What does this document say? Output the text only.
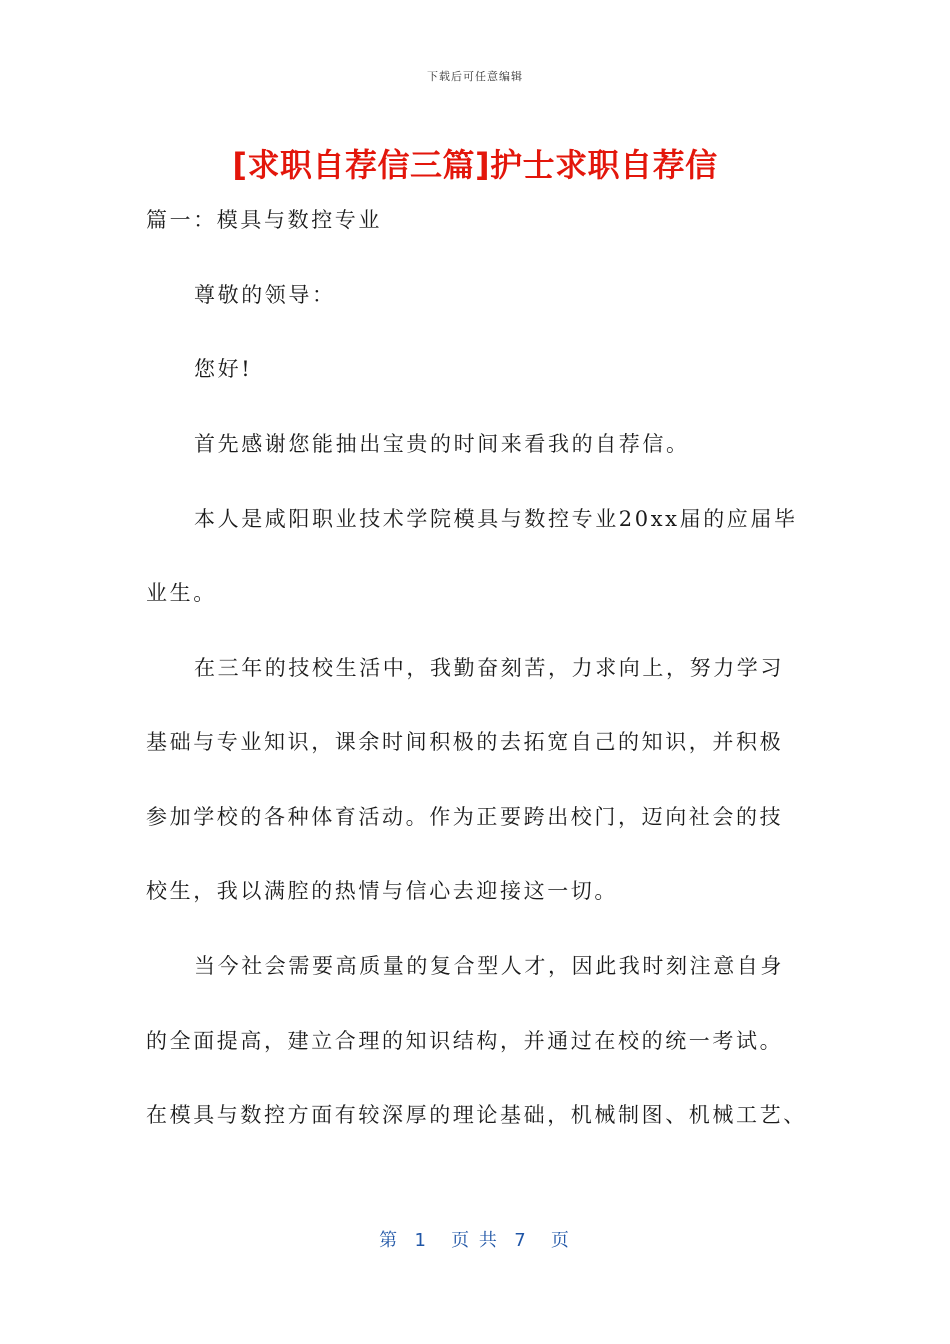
下载后可任意编辑
[求职自荐信三篇]护士求职自荐信
篇一：模具与数控专业
尊敬的领导：
您好!
首先感谢您能抽出宝贵的时间来看我的自荐信。
本人是咸阳职业技术学院模具与数控专业20xx届的应届毕
业生。
在三年的技校生活中，我勤奋刻苦，力求向上，努力学习
基础与专业知识，课余时间积极的去拓宽自己的知识，并积极
参加学校的各种体育活动。作为正要跨出校门，迈向社会的技
校生，我以满腔的热情与信心去迎接这一切。
当今社会需要高质量的复合型人才，因此我时刻注意自身
的全面提高，建立合理的知识结构，并通过在校的统一考试。
在模具与数控方面有较深厚的理论基础，机械制图、机械工艺、
第  1   页 共  7   页
